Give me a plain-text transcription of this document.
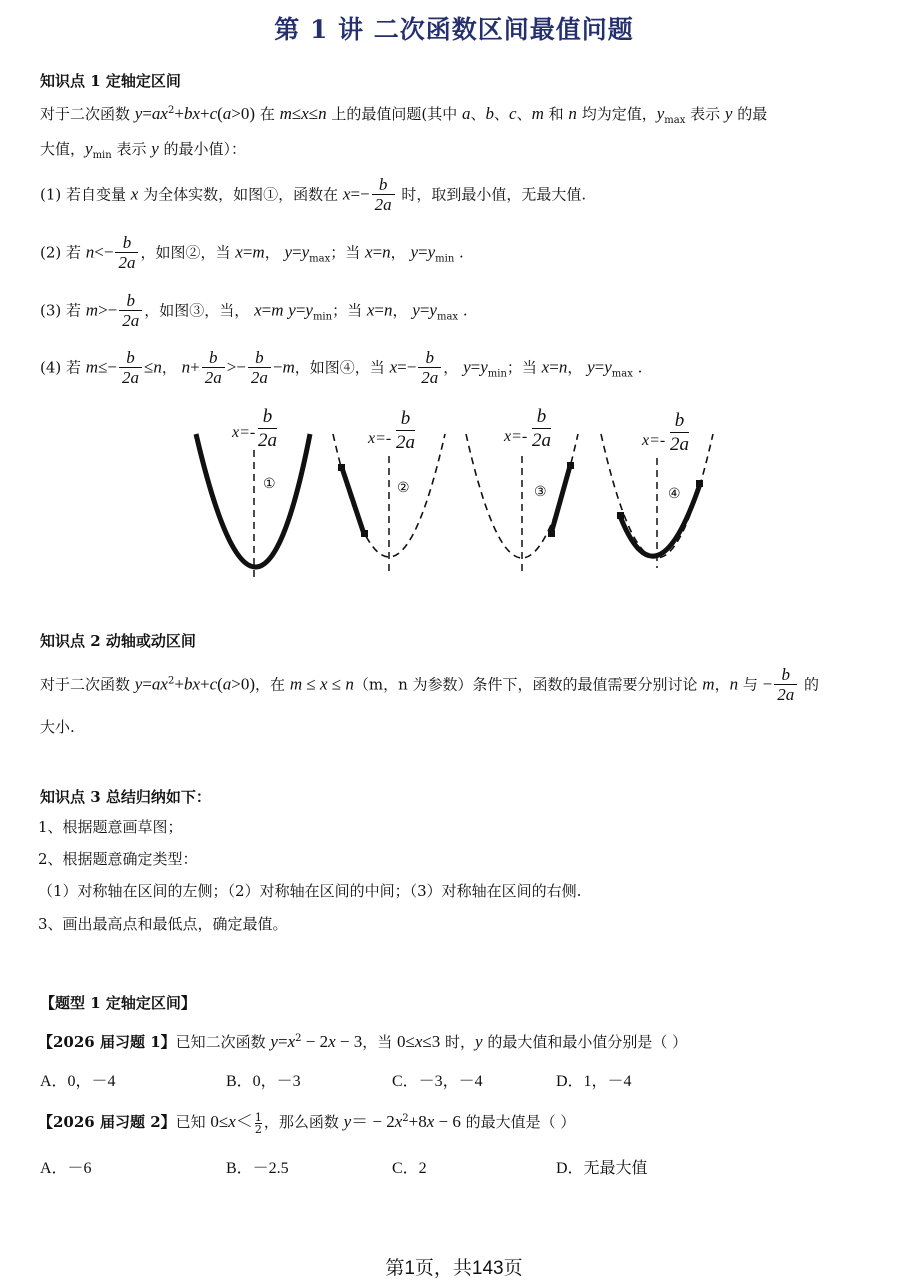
第 1 讲 二次函数区间最值问题
知识点 1 定轴定区间
对于二次函数 $y=ax^2+bx+c(a>0)$ 在 m≤x≤n 上的最值问题(其中 a、b、c、m 和 n 均为定值，$y_{max}$ 表示 y 的最
大值，$y_{min}$ 表示 y 的最小值）：
(1) 若自变量 x 为全体实数，如图①，函数在 $x=- \frac{b}{2a}$ 时，取到最小值，无最大值.
(2) 若 $n<- \frac{b}{2a}$ ，如图②，当 x=m， $y=y_{max}$；当 x=n， $y=y_{min}$ .
(3) 若 $m>- \frac{b}{2a}$ ，如图③，当， x=m $y=y_{min}$；当 x=n， $y=y_{max}$ .
(4) 若 $m\le- \frac{b}{2a} \le n$， $n+ \frac{b}{2a} >- \frac{b}{2a} -m$，如图④，当 $x=- \frac{b}{2a}$ ， $y=y_{min}$；当 x=n， $y=y_{max}$ .
$x=- \frac{b}{2a}$
①
$x=- \frac{b}{2a}$
②
$x=- \frac{b}{2a}$
③
$x=- \frac{b}{2a}$
④
知识点 2 动轴或动区间
对于二次函数 $y=ax^2+bx+c(a>0)$，在 m ≤ x ≤ n（m，n 为参数）条件下，函数的最值需要分别讨论 m，n 与 − $\frac{b}{2a}$ 的
大小.
知识点 3 总结归纳如下：
1、根据题意画草图；
2、根据题意确定类型：
（1）对称轴在区间的左侧；（2）对称轴在区间的中间；（3）对称轴在区间的右侧.
3、画出最高点和最低点，确定最值。
【题型 1 定轴定区间】
【2026 届习题 1】已知二次函数 $y=x^2 - 2x - 3$，当 0≤x≤3 时，y 的最大值和最小值分别是（ ）
A．0，－4	B．0，－3	C．－3，－4	D．1，－4
【2026 届习题 2】已知 $0\le x< \frac{1}{2}$ ，那么函数 $y= - 2x^2+8x - 6$ 的最大值是（ ）
A．－6	B．－2.5	C．2	D．无最大值
第1页，共143页
